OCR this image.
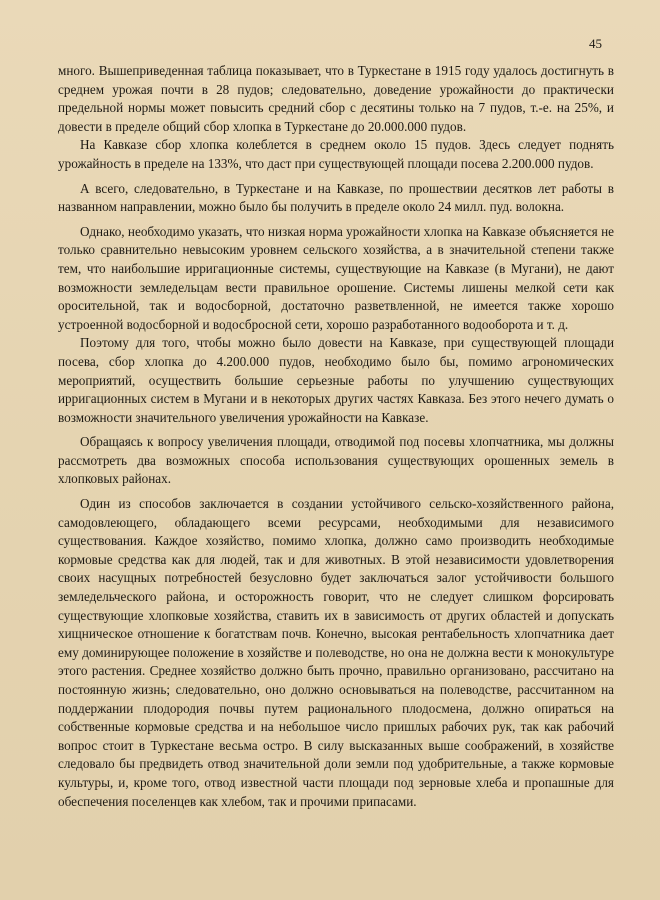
45

много. Вышеприведенная таблица показывает, что в Туркестане в 1915 году удалось достигнуть в среднем урожая почти в 28 пудов; следовательно, доведение урожайности до практически предельной нормы может повысить средний сбор с десятины только на 7 пудов, т.-е. на 25%, и довести в пределе общий сбор хлопка в Туркестане до 20.000.000 пудов.

На Кавказе сбор хлопка колеблется в среднем около 15 пудов. Здесь следует поднять урожайность в пределе на 133%, что даст при существующей площади посева 2.200.000 пудов.

А всего, следовательно, в Туркестане и на Кавказе, по прошествии десятков лет работы в названном направлении, можно было бы получить в пределе около 24 милл. пуд. волокна.

Однако, необходимо указать, что низкая норма урожайности хлопка на Кавказе объясняется не только сравнительно невысоким уровнем сельского хозяйства, а в значительной степени также тем, что наибольшие ирригационные системы, существующие на Кавказе (в Мугани), не дают возможности земледельцам вести правильное орошение. Системы лишены мелкой сети как оросительной, так и водосборной, достаточно разветвленной, не имеется также хорошо устроенной водосборной и водосбросной сети, хорошо разработанного водооборота и т. д.

Поэтому для того, чтобы можно было довести на Кавказе, при существующей площади посева, сбор хлопка до 4.200.000 пудов, необходимо было бы, помимо агрономических мероприятий, осуществить большие серьезные работы по улучшению существующих ирригационных систем в Мугани и в некоторых других частях Кавказа. Без этого нечего думать о возможности значительного увеличения урожайности на Кавказе.

Обращаясь к вопросу увеличения площади, отводимой под посевы хлопчатника, мы должны рассмотреть два возможных способа использования существующих орошенных земель в хлопковых районах.

Один из способов заключается в создании устойчивого сельско-хозяйственного района, самодовлеющего, обладающего всеми ресурсами, необходимыми для независимого существования. Каждое хозяйство, помимо хлопка, должно само производить необходимые кормовые средства как для людей, так и для животных. В этой независимости удовлетворения своих насущных потребностей безусловно будет заключаться залог устойчивости большого земледельческого района, и осторожность говорит, что не следует слишком форсировать существующие хлопковые хозяйства, ставить их в зависимость от других областей и допускать хищническое отношение к богатствам почв. Конечно, высокая рентабельность хлопчатника дает ему доминирующее положение в хозяйстве и полеводстве, но она не должна вести к монокультуре этого растения. Среднее хозяйство должно быть прочно, правильно организовано, рассчитано на постоянную жизнь; следовательно, оно должно основываться на полеводстве, рассчитанном на поддержании плодородия почвы путем рационального плодосмена, должно опираться на собственные кормовые средства и на небольшое число пришлых рабочих рук, так как рабочий вопрос стоит в Туркестане весьма остро. В силу высказанных выше соображений, в хозяйстве следовало бы предвидеть отвод значительной доли земли под удобрительные, а также кормовые культуры, и, кроме того, отвод известной части площади под зерновые хлеба и пропашные для обеспечения поселенцев как хлебом, так и прочими припасами.
